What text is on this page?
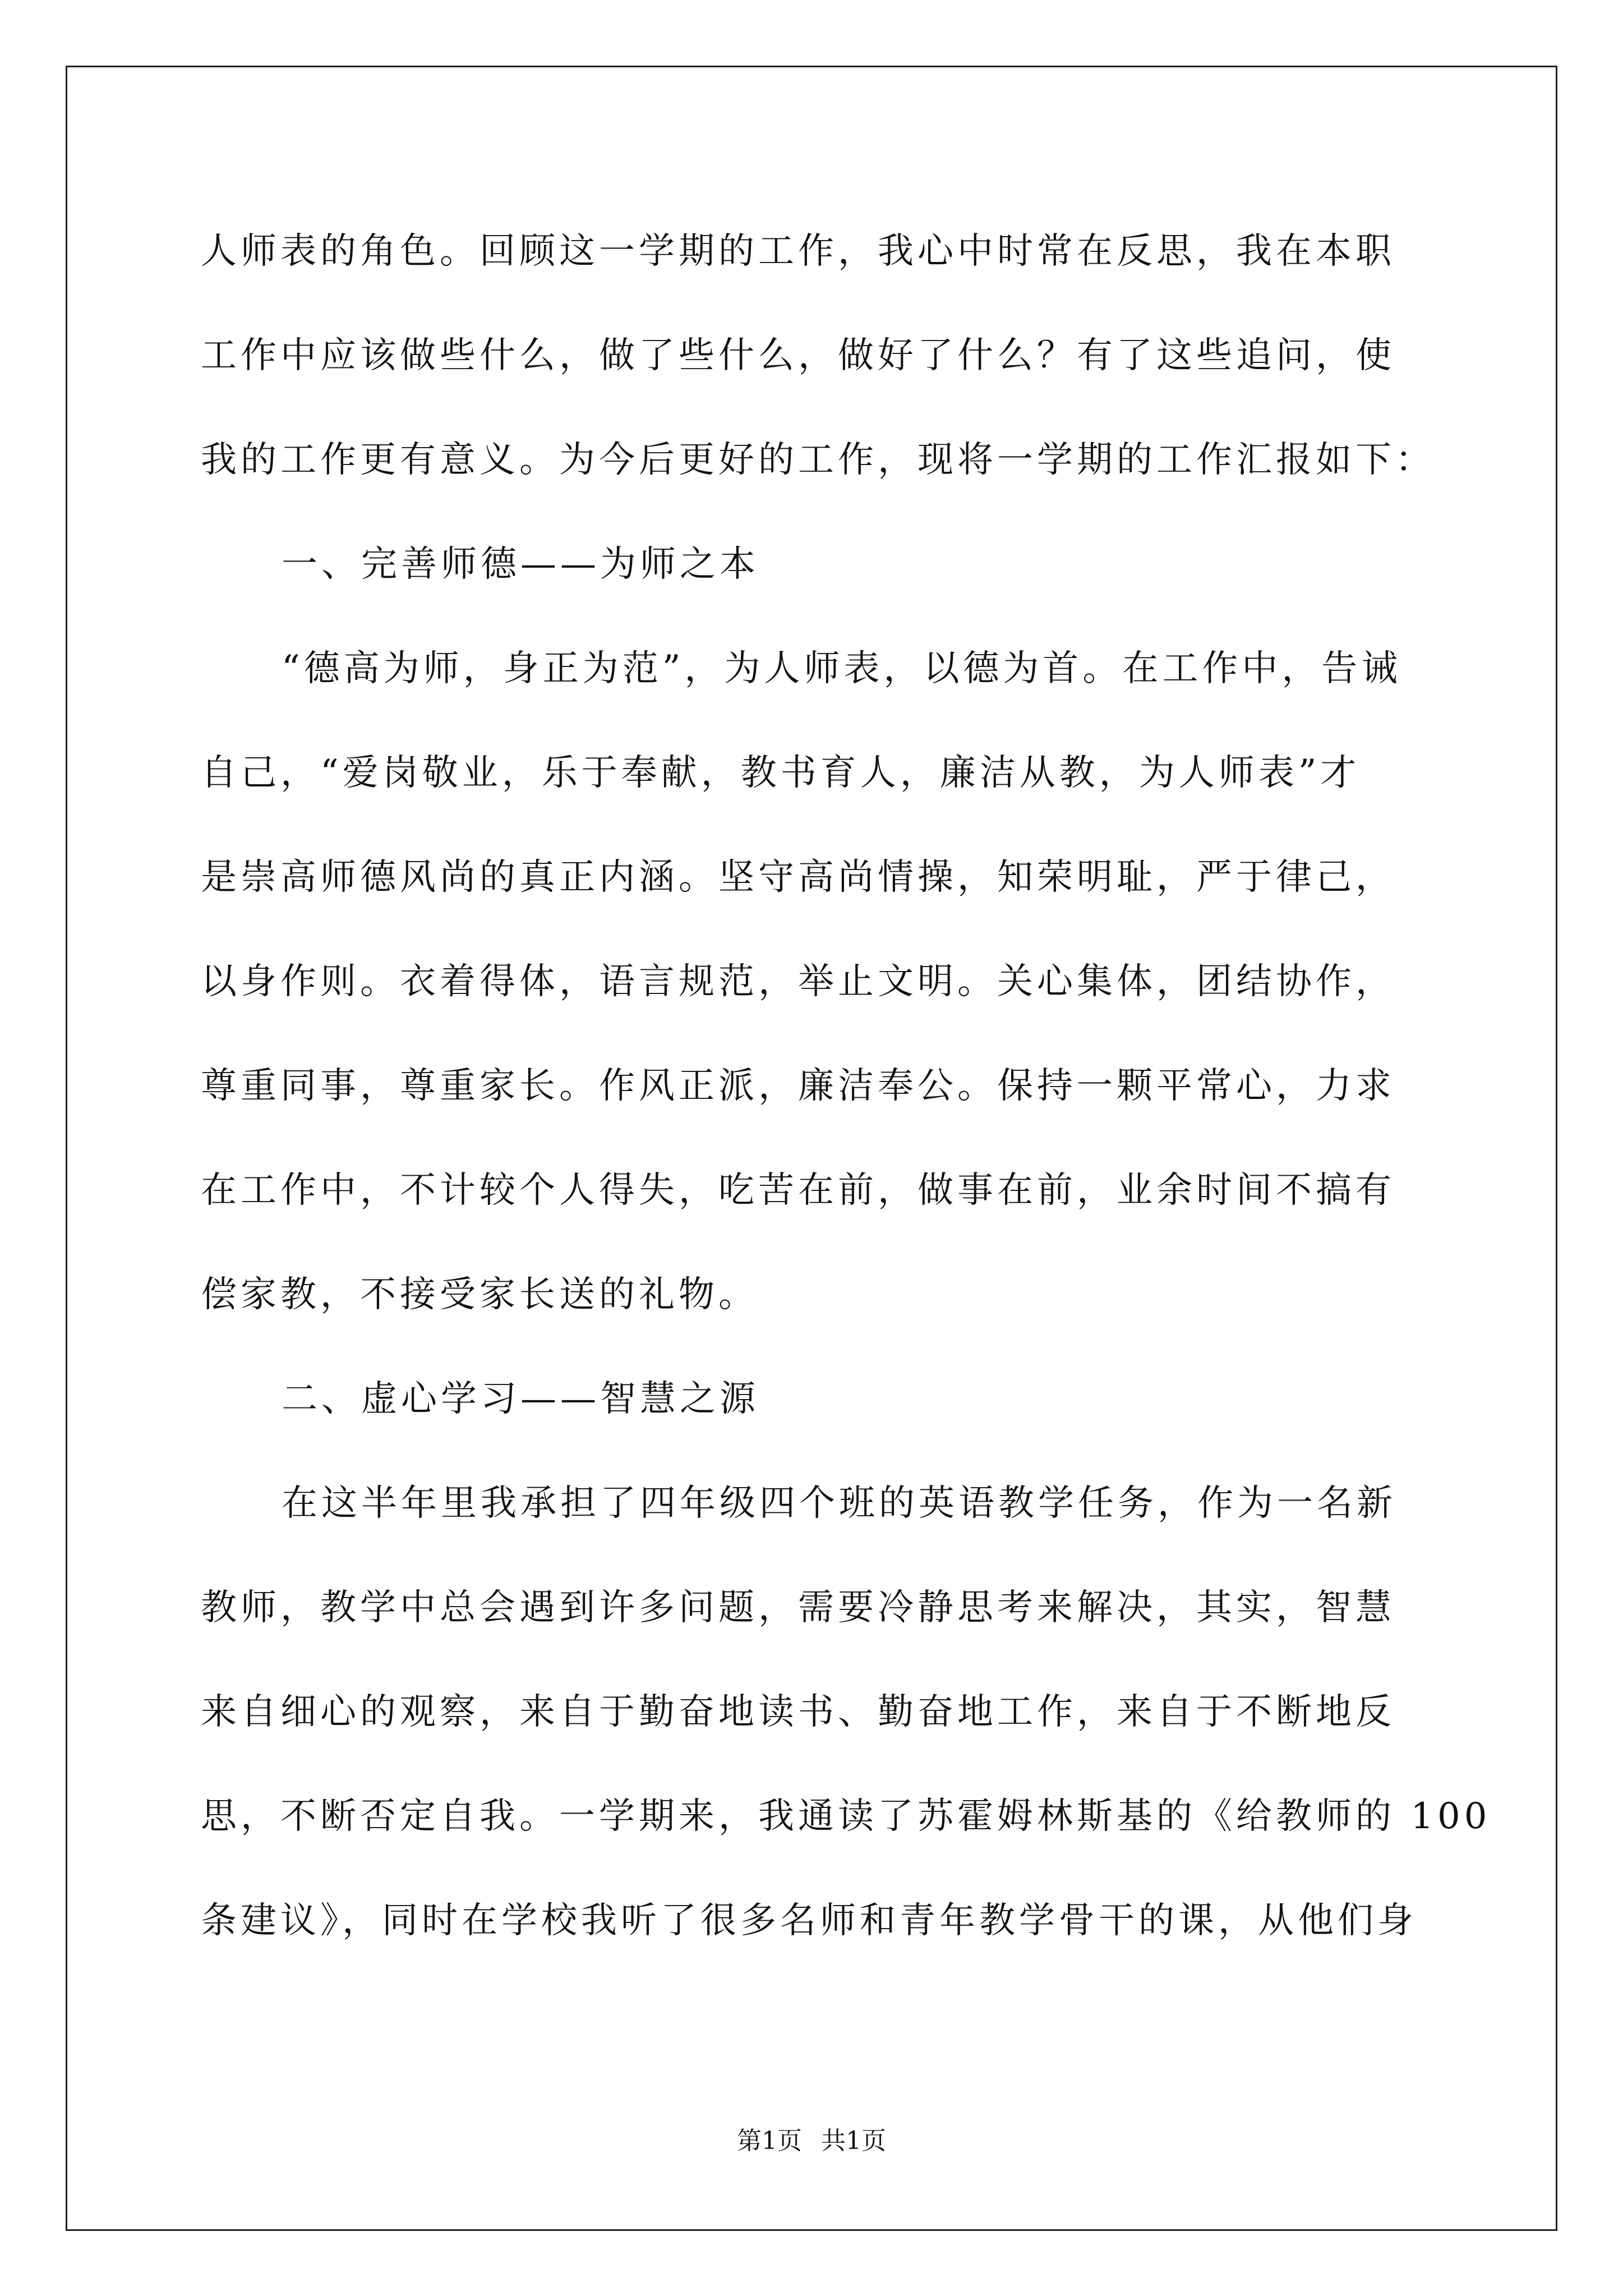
人师表的角色。回顾这一学期的工作，我心中时常在反思，我在本职
工作中应该做些什么，做了些什么，做好了什么？有了这些追问，使
我的工作更有意义。为今后更好的工作，现将一学期的工作汇报如下：
一、完善师德——为师之本
“德高为师，身正为范”，为人师表，以德为首。在工作中，告诫
自己，“爱岗敬业，乐于奉献，教书育人，廉洁从教，为人师表”才
是崇高师德风尚的真正内涵。坚守高尚情操，知荣明耻，严于律己，
以身作则。衣着得体，语言规范，举止文明。关心集体，团结协作，
尊重同事，尊重家长。作风正派，廉洁奉公。保持一颗平常心，力求
在工作中，不计较个人得失，吃苦在前，做事在前，业余时间不搞有
偿家教，不接受家长送的礼物。
二、虚心学习——智慧之源
在这半年里我承担了四年级四个班的英语教学任务，作为一名新
教师，教学中总会遇到许多问题，需要冷静思考来解决，其实，智慧
来自细心的观察，来自于勤奋地读书、勤奋地工作，来自于不断地反
思，不断否定自我。一学期来，我通读了苏霍姆林斯基的《给教师的 100
条建议》，同时在学校我听了很多名师和青年教学骨干的课，从他们身
第1页 共1页
